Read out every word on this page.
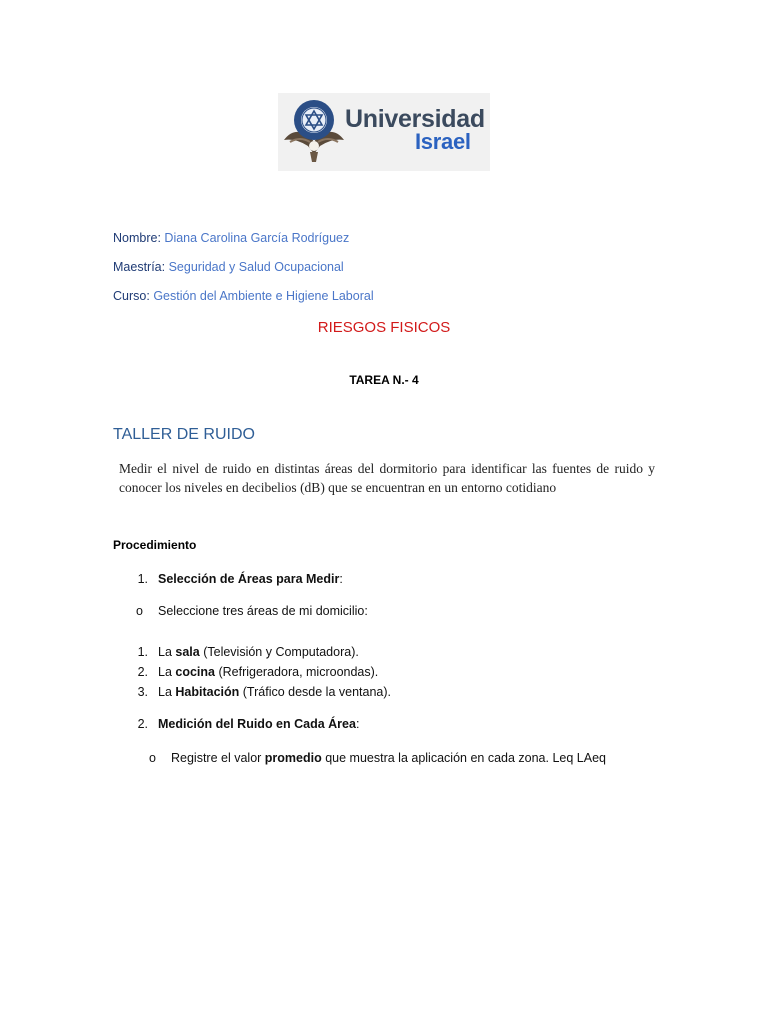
Universidad
Israel
Nombre: Diana Carolina García Rodríguez
Maestría: Seguridad y Salud Ocupacional
Curso: Gestión del Ambiente e Higiene Laboral
RIESGOS FISICOS
TAREA N.- 4
TALLER DE RUIDO
Medir el nivel de ruido en distintas áreas del dormitorio para identificar las fuentes de ruido y conocer los niveles en decibelios (dB) que se encuentran en un entorno cotidiano
Procedimiento
1. Selección de Áreas para Medir:
o Seleccione tres áreas de mi domicilio:
1. La sala (Televisión y Computadora).
2. La cocina (Refrigeradora, microondas).
3. La Habitación (Tráfico desde la ventana).
2. Medición del Ruido en Cada Área:
o Registre el valor promedio que muestra la aplicación en cada zona. Leq LAeq
